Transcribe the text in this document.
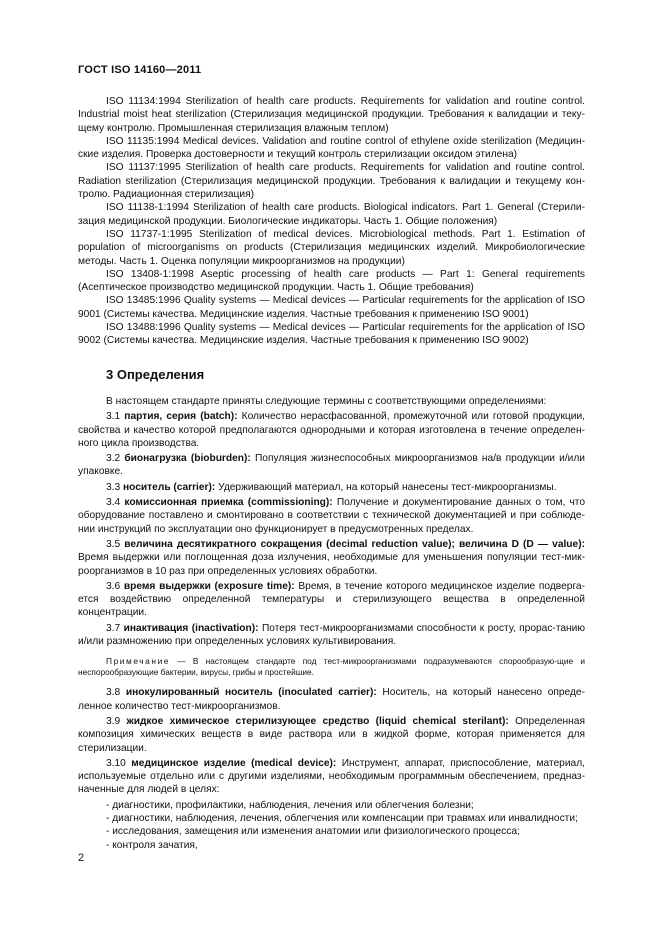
ГОСТ ISO 14160—2011

ISO 11134:1994 Sterilization of health care products. Requirements for validation and routine control. Industrial moist heat sterilization (Стерилизация медицинской продукции. Требования к валидации и теку-щему контролю. Промышленная стерилизация влажным теплом)

ISO 11135:1994 Medical devices. Validation and routine control of ethylene oxide sterilization (Медицин-ские изделия. Проверка достоверности и текущий контроль стерилизации оксидом этилена)

ISO 11137:1995 Sterilization of health care products. Requirements for validation and routine control. Radiation sterilization (Стерилизация медицинской продукции. Требования к валидации и текущему кон-тролю. Радиационная стерилизация)

ISO 11138-1:1994 Sterilization of health care products. Biological indicators. Part 1. General (Стерили-зация медицинской продукции. Биологические индикаторы. Часть 1. Общие положения)

ISO 11737-1:1995 Sterilization of medical devices. Microbiological methods. Part 1. Estimation of population of microorganisms on products (Стерилизация медицинских изделий. Микробиологические методы. Часть 1. Оценка популяции микроорганизмов на продукции)

ISO 13408-1:1998 Aseptic processing of health care products — Part 1: General requirements (Асептическое производство медицинской продукции. Часть 1. Общие требования)

ISO 13485:1996 Quality systems — Medical devices — Particular requirements for the application of ISO 9001 (Системы качества. Медицинские изделия. Частные требования к применению ISO 9001)

ISO 13488:1996 Quality systems — Medical devices — Particular requirements for the application of ISO 9002 (Системы качества. Медицинские изделия. Частные требования к применению ISO 9002)

3 Определения

В настоящем стандарте приняты следующие термины с соответствующими определениями:

3.1 партия, серия (batch): Количество нерасфасованной, промежуточной или готовой продукции, свойства и качество которой предполагаются однородными и которая изготовлена в течение определен-ного цикла производства.

3.2 бионагрузка (bioburden): Популяция жизнеспособных микроорганизмов на/в продукции и/или упаковке.

3.3 носитель (carrier): Удерживающий материал, на который нанесены тест-микроорганизмы.

3.4 комиссионная приемка (commissioning): Получение и документирование данных о том, что оборудование поставлено и смонтировано в соответствии с технической документацией и при соблюде-нии инструкций по эксплуатации оно функционирует в предусмотренных пределах.

3.5 величина десятикратного сокращения (decimal reduction value); величина D (D — value): Время выдержки или поглощенная доза излучения, необходимые для уменьшения популяции тест-мик-роорганизмов в 10 раз при определенных условиях обработки.

3.6 время выдержки (exposure time): Время, в течение которого медицинское изделие подверга-ется воздействию определенной температуры и стерилизующего вещества в определенной концентрации.

3.7 инактивация (inactivation): Потеря тест-микроорганизмами способности к росту, прорас-танию и/или размножению при определенных условиях культивирования.

Примечание — В настоящем стандарте под тест-микроорганизмами подразумеваются спорообразую-щие и неспорообразующие бактерии, вирусы, грибы и простейшие.

3.8 инокулированный носитель (inoculated carrier): Носитель, на который нанесено опреде-ленное количество тест-микроорганизмов.

3.9 жидкое химическое стерилизующее средство (liquid chemical sterilant): Определенная композиция химических веществ в виде раствора или в жидкой форме, которая применяется для стерилизации.

3.10 медицинское изделие (medical device): Инструмент, аппарат, приспособление, материал, используемые отдельно или с другими изделиями, необходимым программным обеспечением, предназ-наченные для людей в целях:

- диагностики, профилактики, наблюдения, лечения или облегчения болезни;
- диагностики, наблюдения, лечения, облегчения или компенсации при травмах или инвалидности;
- исследования, замещения или изменения анатомии или физиологического процесса;
- контроля зачатия,
2
